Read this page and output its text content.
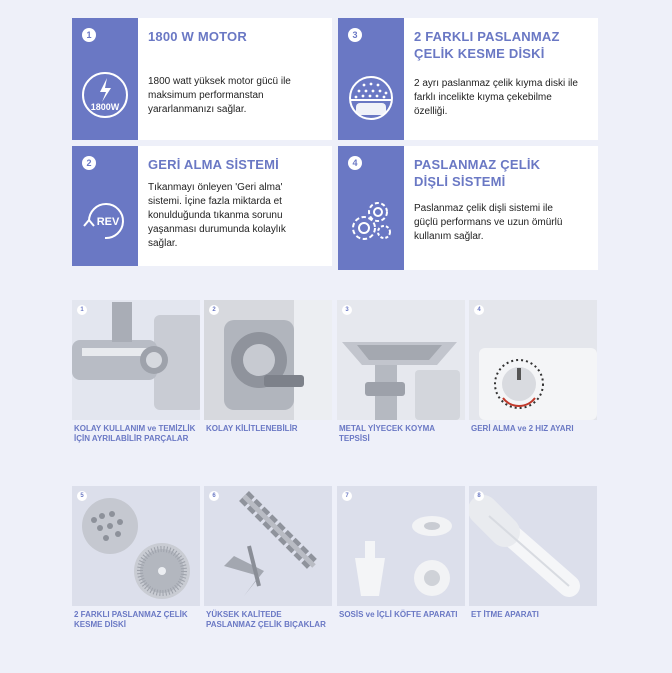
1
1800W
1800 W MOTOR

1800 watt yüksek motor gücü ile maksimum performanstan yararlanmanızı sağlar.

2
REV
GERİ ALMA SİSTEMİ

Tıkanmayı önleyen 'Geri alma' sistemi. İçine fazla miktarda et konulduğunda tıkanma sorunu yaşanması durumunda kolaylık sağlar.

3	2 FARKLI PASLANMAZ ÇELİK KESME DİSKİ

2 ayrı paslanmaz çelik kıyma diski ile farklı incelikte kıyma çekebilme özelliği.

4	PASLANMAZ ÇELİK DİŞLİ SİSTEMİ

Paslanmaz çelik dişli sistemi ile güçlü performans ve uzun ömürlü kullanım sağlar.

1
KOLAY KULLANIM ve TEMİZLİK İÇİN AYRILABİLİR PARÇALAR
2
KOLAY KİLİTLENEBİLİR
3
METAL YİYECEK KOYMA TEPSİSİ
4
GERİ ALMA ve 2 HIZ AYARI
5
2 FARKLI PASLANMAZ ÇELİK KESME DİSKİ
6
YÜKSEK KALİTEDE PASLANMAZ ÇELİK BIÇAKLAR
7
SOSİS ve İÇLİ KÖFTE APARATI
8
ET İTME APARATI
